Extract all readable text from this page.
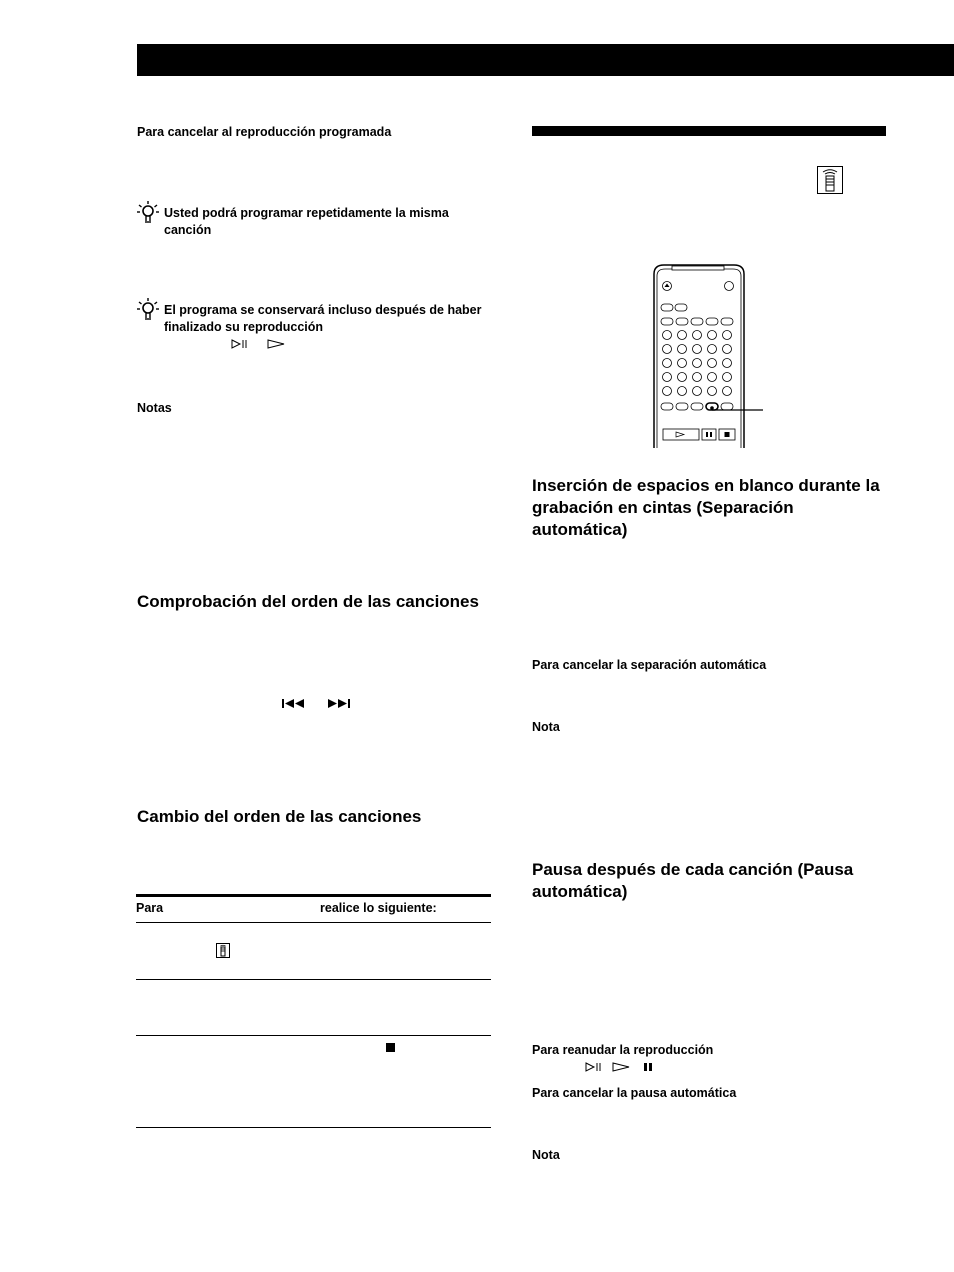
Para cancelar al reproducción programada
Usted podrá programar repetidamente la misma canción
El programa se conservará incluso después de haber finalizado su reproducción
Notas
Comprobación del orden de las canciones
Cambio del orden de las canciones
Para	realice lo siguiente:
Inserción de espacios en blanco durante la grabación en cintas (Separación automática)
Para cancelar la separación automática
Nota
Pausa después de cada canción (Pausa automática)
Para reanudar la reproducción
Para cancelar la pausa automática
Nota
